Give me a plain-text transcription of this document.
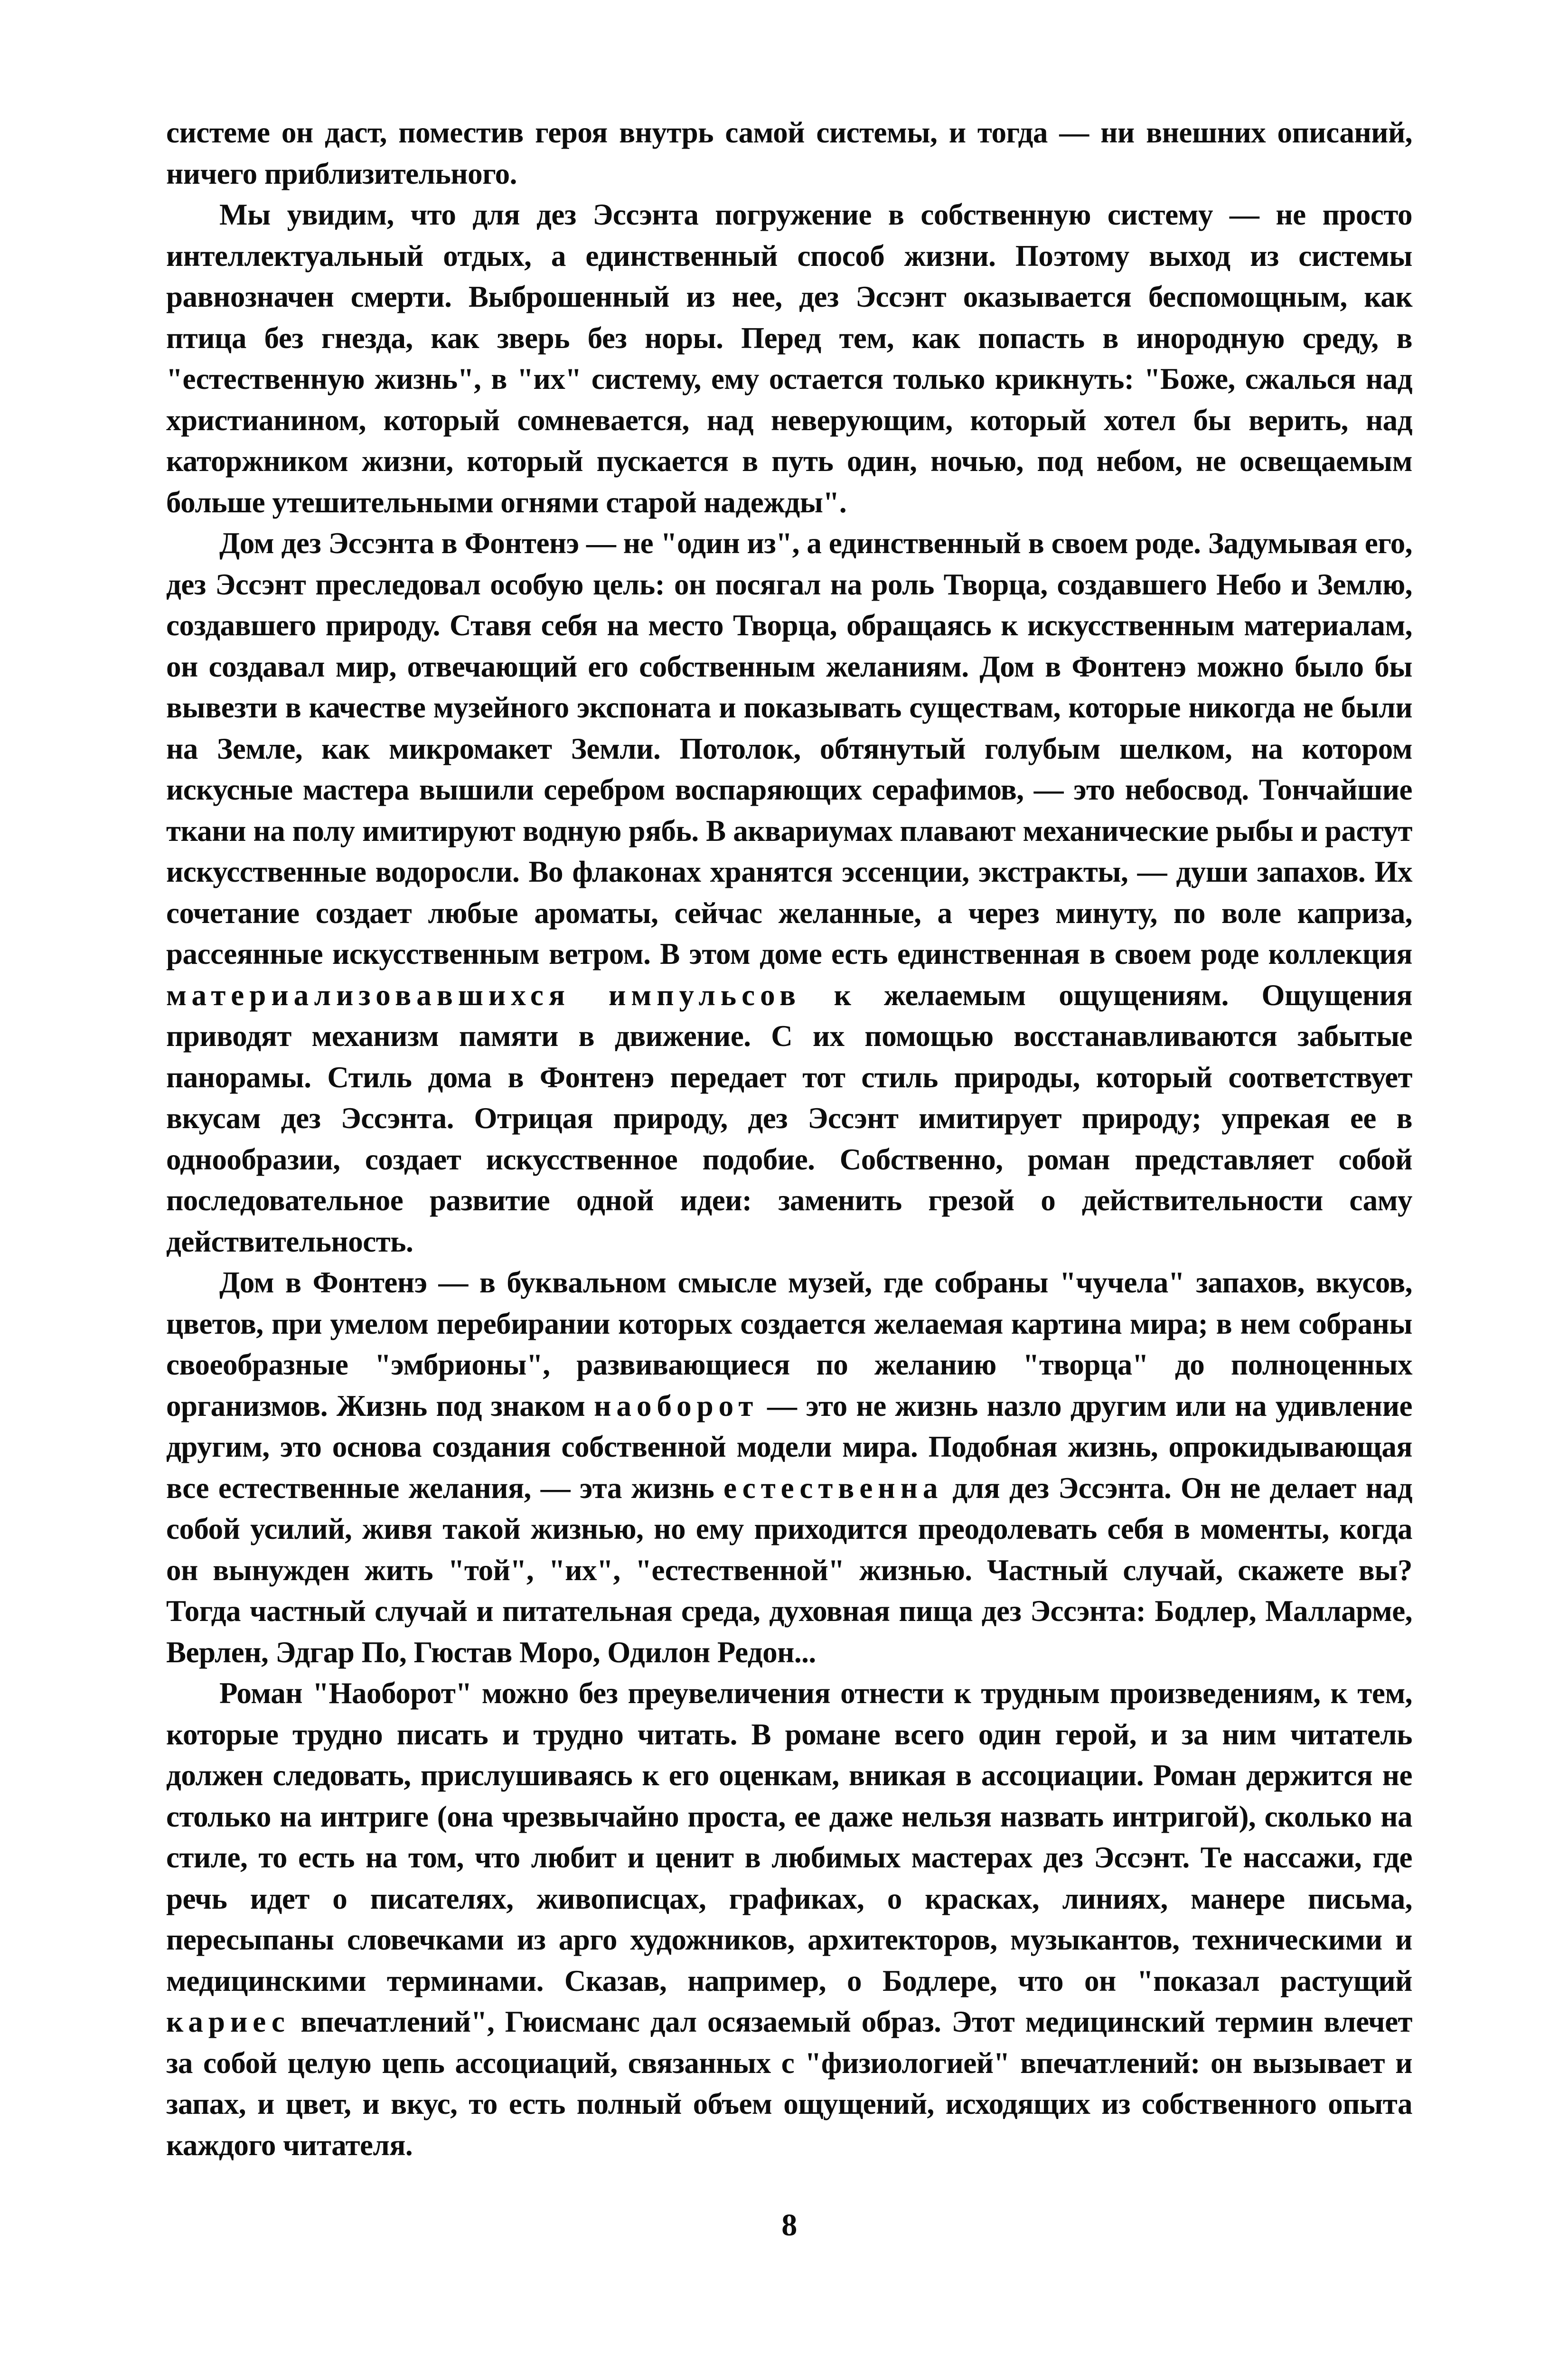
системе он даст, поместив героя внутрь самой системы, и тогда — ни внешних описаний, ничего приблизительного.

Мы увидим, что для дез Эссэнта погружение в собственную систему — не просто интеллектуальный отдых, а единственный способ жизни. Поэтому выход из системы равнозначен смерти. Выброшенный из нее, дез Эссэнт оказывается беспомощным, как птица без гнезда, как зверь без норы. Перед тем, как попасть в инородную среду, в "естественную жизнь", в "их" систему, ему остается только крикнуть: "Боже, сжалься над христианином, который сомневается, над неверующим, который хотел бы верить, над каторжником жизни, который пускается в путь один, ночью, под небом, не освещаемым больше утешительными огнями старой надежды".

Дом дез Эссэнта в Фонтенэ — не "один из", а единственный в своем роде. Задумывая его, дез Эссэнт преследовал особую цель: он посягал на роль Творца, создавшего Небо и Землю, создавшего природу. Ставя себя на место Творца, обращаясь к искусственным материалам, он создавал мир, отвечающий его собственным желаниям. Дом в Фонтенэ можно было бы вывезти в качестве музейного экспоната и показывать существам, которые никогда не были на Земле, как микромакет Земли. Потолок, обтянутый голубым шелком, на котором искусные мастера вышили серебром воспаряющих серафимов, — это небосвод. Тончайшие ткани на полу имитируют водную рябь. В аквариумах плавают механические рыбы и растут искусственные водоросли. Во флаконах хранятся эссенции, экстракты, — души запахов. Их сочетание создает любые ароматы, сейчас желанные, а через минуту, по воле каприза, рассеянные искусственным ветром. В этом доме есть единственная в своем роде коллекция материализовавшихся импульсов к желаемым ощущениям. Ощущения приводят механизм памяти в движение. С их помощью восстанавливаются забытые панорамы. Стиль дома в Фонтенэ передает тот стиль природы, который соответствует вкусам дез Эссэнта. Отрицая природу, дез Эссэнт имитирует природу; упрекая ее в однообразии, создает искусственное подобие. Собственно, роман представляет собой последовательное развитие одной идеи: заменить грезой о действительности саму действительность.

Дом в Фонтенэ — в буквальном смысле музей, где собраны "чучела" запахов, вкусов, цветов, при умелом перебирании которых создается желаемая картина мира; в нем собраны своеобразные "эмбрионы", развивающиеся по желанию "творца" до полноценных организмов. Жизнь под знаком наоборот — это не жизнь назло другим или на удивление другим, это основа создания собственной модели мира. Подобная жизнь, опрокидывающая все естественные желания, — эта жизнь естественна для дез Эссэнта. Он не делает над собой усилий, живя такой жизнью, но ему приходится преодолевать себя в моменты, когда он вынужден жить "той", "их", "естественной" жизнью. Частный случай, скажете вы? Тогда частный случай и питательная среда, духовная пища дез Эссэнта: Бодлер, Малларме, Верлен, Эдгар По, Гюстав Моро, Одилон Редон...

Роман "Наоборот" можно без преувеличения отнести к трудным произведениям, к тем, которые трудно писать и трудно читать. В романе всего один герой, и за ним читатель должен следовать, прислушиваясь к его оценкам, вникая в ассоциации. Роман держится не столько на интриге (она чрезвычайно проста, ее даже нельзя назвать интригой), сколько на стиле, то есть на том, что любит и ценит в любимых мастерах дез Эссэнт. Те нассажи, где речь идет о писателях, живописцах, графиках, о красках, линиях, манере письма, пересыпаны словечками из арго художников, архитекторов, музыкантов, техническими и медицинскими терминами. Сказав, например, о Бодлере, что он "показал растущий кариес впечатлений", Гюисманс дал осязаемый образ. Этот медицинский термин влечет за собой целую цепь ассоциаций, связанных с "физиологией" впечатлений: он вызывает и запах, и цвет, и вкус, то есть полный объем ощущений, исходящих из собственного опыта каждого читателя.

8
